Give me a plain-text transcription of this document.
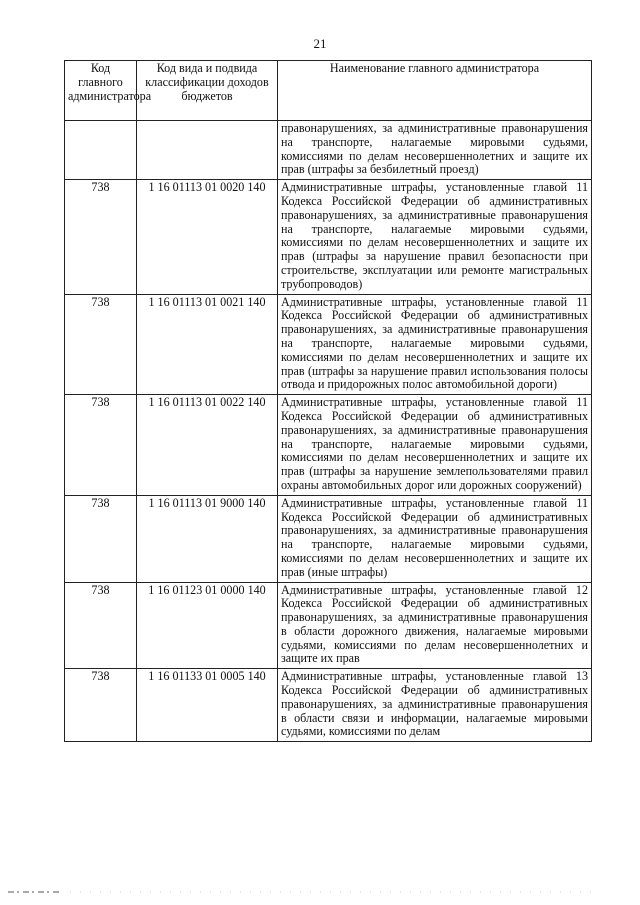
21
Код главного администратора	Код вида и подвида классификации доходов бюджетов	Наименование главного администратора
		правонарушениях, за административные правонарушения на транспорте, налагаемые мировыми судьями, комиссиями по делам несовершеннолетних и защите их прав (штрафы за безбилетный проезд)
738	1 16 01113 01 0020 140	Административные штрафы, установленные главой 11 Кодекса Российской Федерации об административных правонарушениях, за административные правонарушения на транспорте, налагаемые мировыми судьями, комиссиями по делам несовершеннолетних и защите их прав (штрафы за нарушение правил безопасности при строительстве, эксплуатации или ремонте магистральных трубопроводов)
738	1 16 01113 01 0021 140	Административные штрафы, установленные главой 11 Кодекса Российской Федерации об административных правонарушениях, за административные правонарушения на транспорте, налагаемые мировыми судьями, комиссиями по делам несовершеннолетних и защите их прав (штрафы за нарушение правил использования полосы отвода и придорожных полос автомобильной дороги)
738	1 16 01113 01 0022 140	Административные штрафы, установленные главой 11 Кодекса Российской Федерации об административных правонарушениях, за административные правонарушения на транспорте, налагаемые мировыми судьями, комиссиями по делам несовершеннолетних и защите их прав (штрафы за нарушение землепользователями правил охраны автомобильных дорог или дорожных сооружений)
738	1 16 01113 01 9000 140	Административные штрафы, установленные главой 11 Кодекса Российской Федерации об административных правонарушениях, за административные правонарушения на транспорте, налагаемые мировыми судьями, комиссиями по делам несовершеннолетних и защите их прав (иные штрафы)
738	1 16 01123 01 0000 140	Административные штрафы, установленные главой 12 Кодекса Российской Федерации об административных правонарушениях, за административные правонарушения в области дорожного движения, налагаемые мировыми судьями, комиссиями по делам несовершеннолетних и защите их прав
738	1 16 01133 01 0005 140	Административные штрафы, установленные главой 13 Кодекса Российской Федерации об административных правонарушениях, за административные правонарушения в области связи и информации, налагаемые мировыми судьями, комиссиями по делам
